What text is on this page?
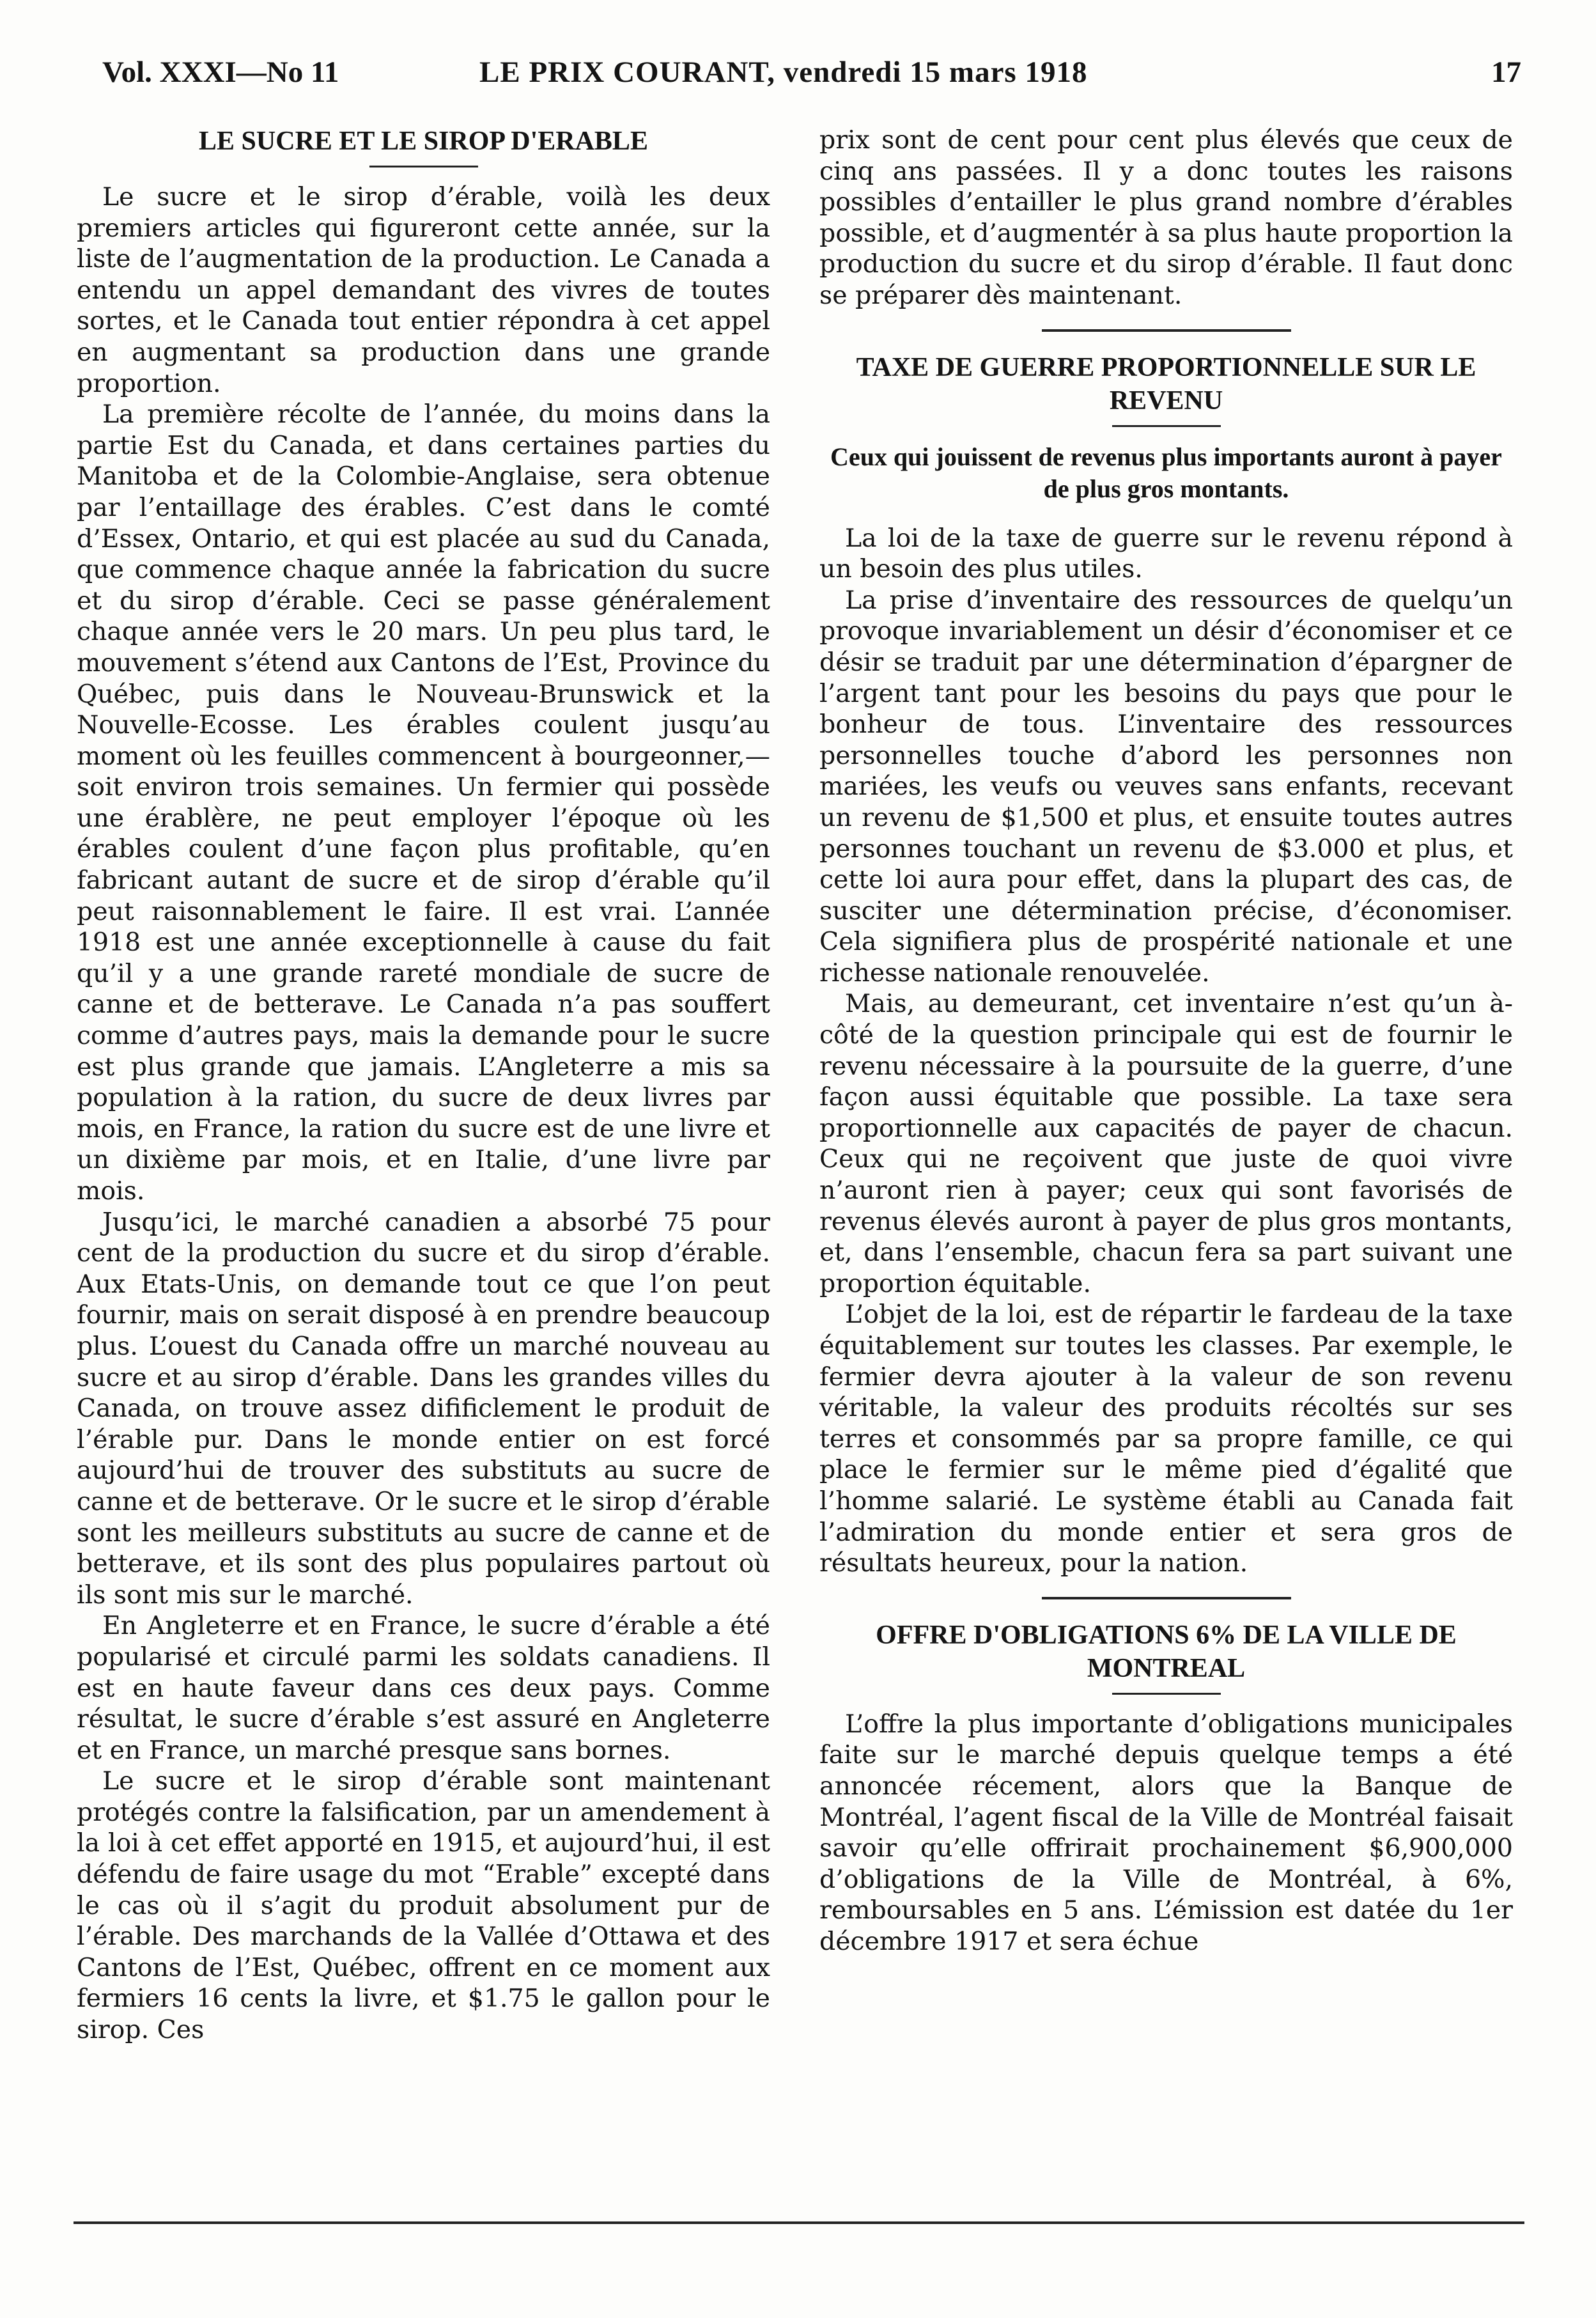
Vol. XXXI—No 11	LE PRIX COURANT, vendredi 15 mars 1918	17
LE SUCRE ET LE SIROP D'ERABLE

Le sucre et le sirop d’érable, voilà les deux premiers articles qui figureront cette année, sur la liste de l’augmentation de la production. Le Canada a entendu un appel demandant des vivres de toutes sortes, et le Canada tout entier répondra à cet appel en augmentant sa production dans une grande proportion.

La première récolte de l’année, du moins dans la partie Est du Canada, et dans certaines parties du Manitoba et de la Colombie-Anglaise, sera obtenue par l’entaillage des érables. C’est dans le comté d’Essex, Ontario, et qui est placée au sud du Canada, que commence chaque année la fabrication du sucre et du sirop d’érable. Ceci se passe généralement chaque année vers le 20 mars. Un peu plus tard, le mouvement s’étend aux Cantons de l’Est, Province du Québec, puis dans le Nouveau-Brunswick et la Nouvelle-Ecosse. Les érables coulent jusqu’au moment où les feuilles commencent à bourgeonner,—soit environ trois semaines. Un fermier qui possède une érablère, ne peut employer l’époque où les érables coulent d’une façon plus profitable, qu’en fabricant autant de sucre et de sirop d’érable qu’il peut raisonnablement le faire. Il est vrai. L’année 1918 est une année exceptionnelle à cause du fait qu’il y a une grande rareté mondiale de sucre de canne et de betterave. Le Canada n’a pas souffert comme d’autres pays, mais la demande pour le sucre est plus grande que jamais. L’Angleterre a mis sa population à la ration, du sucre de deux livres par mois, en France, la ration du sucre est de une livre et un dixième par mois, et en Italie, d’une livre par mois.

Jusqu’ici, le marché canadien a absorbé 75 pour cent de la production du sucre et du sirop d’érable. Aux Etats-Unis, on demande tout ce que l’on peut fournir, mais on serait disposé à en prendre beaucoup plus. L’ouest du Canada offre un marché nouveau au sucre et au sirop d’érable. Dans les grandes villes du Canada, on trouve assez difificlement le produit de l’érable pur. Dans le monde entier on est forcé aujourd’hui de trouver des substituts au sucre de canne et de betterave. Or le sucre et le sirop d’érable sont les meilleurs substituts au sucre de canne et de betterave, et ils sont des plus populaires partout où ils sont mis sur le marché.

En Angleterre et en France, le sucre d’érable a été popularisé et circulé parmi les soldats canadiens. Il est en haute faveur dans ces deux pays. Comme résultat, le sucre d’érable s’est assuré en Angleterre et en France, un marché presque sans bornes.

Le sucre et le sirop d’érable sont maintenant protégés contre la falsification, par un amendement à la loi à cet effet apporté en 1915, et aujourd’hui, il est défendu de faire usage du mot “Erable” excepté dans le cas où il s’agit du produit absolument pur de l’érable. Des marchands de la Vallée d’Ottawa et des Cantons de l’Est, Québec, offrent en ce moment aux fermiers 16 cents la livre, et $1.75 le gallon pour le sirop. Ces

prix sont de cent pour cent plus élevés que ceux de cinq ans passées. Il y a donc toutes les raisons possibles d’entailler le plus grand nombre d’érables possible, et d’augmentér à sa plus haute proportion la production du sucre et du sirop d’érable. Il faut donc se préparer dès maintenant.

TAXE DE GUERRE PROPORTIONNELLE SUR LE REVENU
Ceux qui jouissent de revenus plus importants auront à payer de plus gros montants.

La loi de la taxe de guerre sur le revenu répond à un besoin des plus utiles.

La prise d’inventaire des ressources de quelqu’un provoque invariablement un désir d’économiser et ce désir se traduit par une détermination d’épargner de l’argent tant pour les besoins du pays que pour le bonheur de tous. L’inventaire des ressources personnelles touche d’abord les personnes non mariées, les veufs ou veuves sans enfants, recevant un revenu de $1,500 et plus, et ensuite toutes autres personnes touchant un revenu de $3.000 et plus, et cette loi aura pour effet, dans la plupart des cas, de susciter une détermination précise, d’économiser. Cela signifiera plus de prospérité nationale et une richesse nationale renouvelée.

Mais, au demeurant, cet inventaire n’est qu’un à-côté de la question principale qui est de fournir le revenu nécessaire à la poursuite de la guerre, d’une façon aussi équitable que possible. La taxe sera proportionnelle aux capacités de payer de chacun. Ceux qui ne reçoivent que juste de quoi vivre n’auront rien à payer; ceux qui sont favorisés de revenus élevés auront à payer de plus gros montants, et, dans l’ensemble, chacun fera sa part suivant une proportion équitable.

L’objet de la loi, est de répartir le fardeau de la taxe équitablement sur toutes les classes. Par exemple, le fermier devra ajouter à la valeur de son revenu véritable, la valeur des produits récoltés sur ses terres et consommés par sa propre famille, ce qui place le fermier sur le même pied d’égalité que l’homme salarié. Le système établi au Canada fait l’admiration du monde entier et sera gros de résultats heureux, pour la nation.

OFFRE D'OBLIGATIONS 6% DE LA VILLE DE MONTREAL

L’offre la plus importante d’obligations municipales faite sur le marché depuis quelque temps a été annoncée récement, alors que la Banque de Montréal, l’agent fiscal de la Ville de Montréal faisait savoir qu’elle offrirait prochainement $6,900,000 d’obligations de la Ville de Montréal, à 6%, remboursables en 5 ans. L’émission est datée du 1er décembre 1917 et sera échue
